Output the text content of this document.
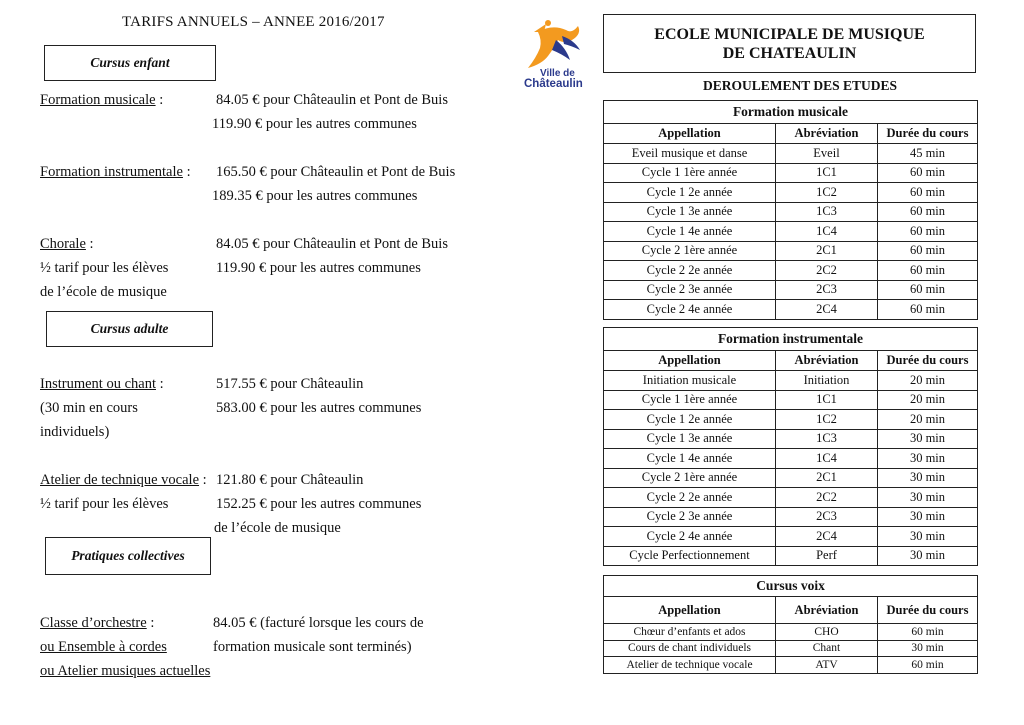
TARIFS ANNUELS – ANNEE 2016/2017
Cursus enfant
Formation musicale :	84.05 € pour Châteaulin et Pont de Buis
119.90 € pour les autres communes
Formation instrumentale : 165.50 € pour Châteaulin et Pont de Buis
189.35 € pour les autres communes
Chorale :	84.05 € pour Châteaulin et Pont de Buis
½ tarif pour les élèves	119.90 € pour les autres communes
de l’école de musique
Cursus adulte
Instrument ou chant :	517.55 € pour Châteaulin
(30 min en cours	583.00 € pour les autres communes
individuels)
Atelier de technique vocale : 121.80 € pour Châteaulin
½ tarif pour les élèves	152.25 € pour les autres communes
de l’école de musique
Pratiques collectives
Classe d’orchestre :	84.05 € (facturé lorsque les cours de
ou Ensemble à cordes	formation musicale sont terminés)
ou Atelier musiques actuelles
Ville de
Châteaulin
ECOLE MUNICIPALE DE MUSIQUE
DE CHATEAULIN
DEROULEMENT DES ETUDES
Formation musicale		
Appellation	Abréviation	Durée du cours
Eveil musique et danse	Eveil	45 min
Cycle 1 1ère année	1C1	60 min
Cycle 1 2e année	1C2	60 min
Cycle 1 3e année	1C3	60 min
Cycle 1 4e année	1C4	60 min
Cycle 2 1ère année	2C1	60 min
Cycle 2 2e année	2C2	60 min
Cycle 2 3e année	2C3	60 min
Cycle 2 4e année	2C4	60 min
Formation instrumentale		
Appellation	Abréviation	Durée du cours
Initiation musicale	Initiation	20 min
Cycle 1 1ère année	1C1	20 min
Cycle 1 2e année	1C2	20 min
Cycle 1 3e année	1C3	30 min
Cycle 1 4e année	1C4	30 min
Cycle 2 1ère année	2C1	30 min
Cycle 2 2e année	2C2	30 min
Cycle 2 3e année	2C3	30 min
Cycle 2 4e année	2C4	30 min
Cycle Perfectionnement	Perf	30 min
Cursus voix		
Appellation	Abréviation	Durée du cours
Chœur d’enfants et ados	CHO	60 min
Cours de chant individuels	Chant	30 min
Atelier de technique vocale	ATV	60 min
